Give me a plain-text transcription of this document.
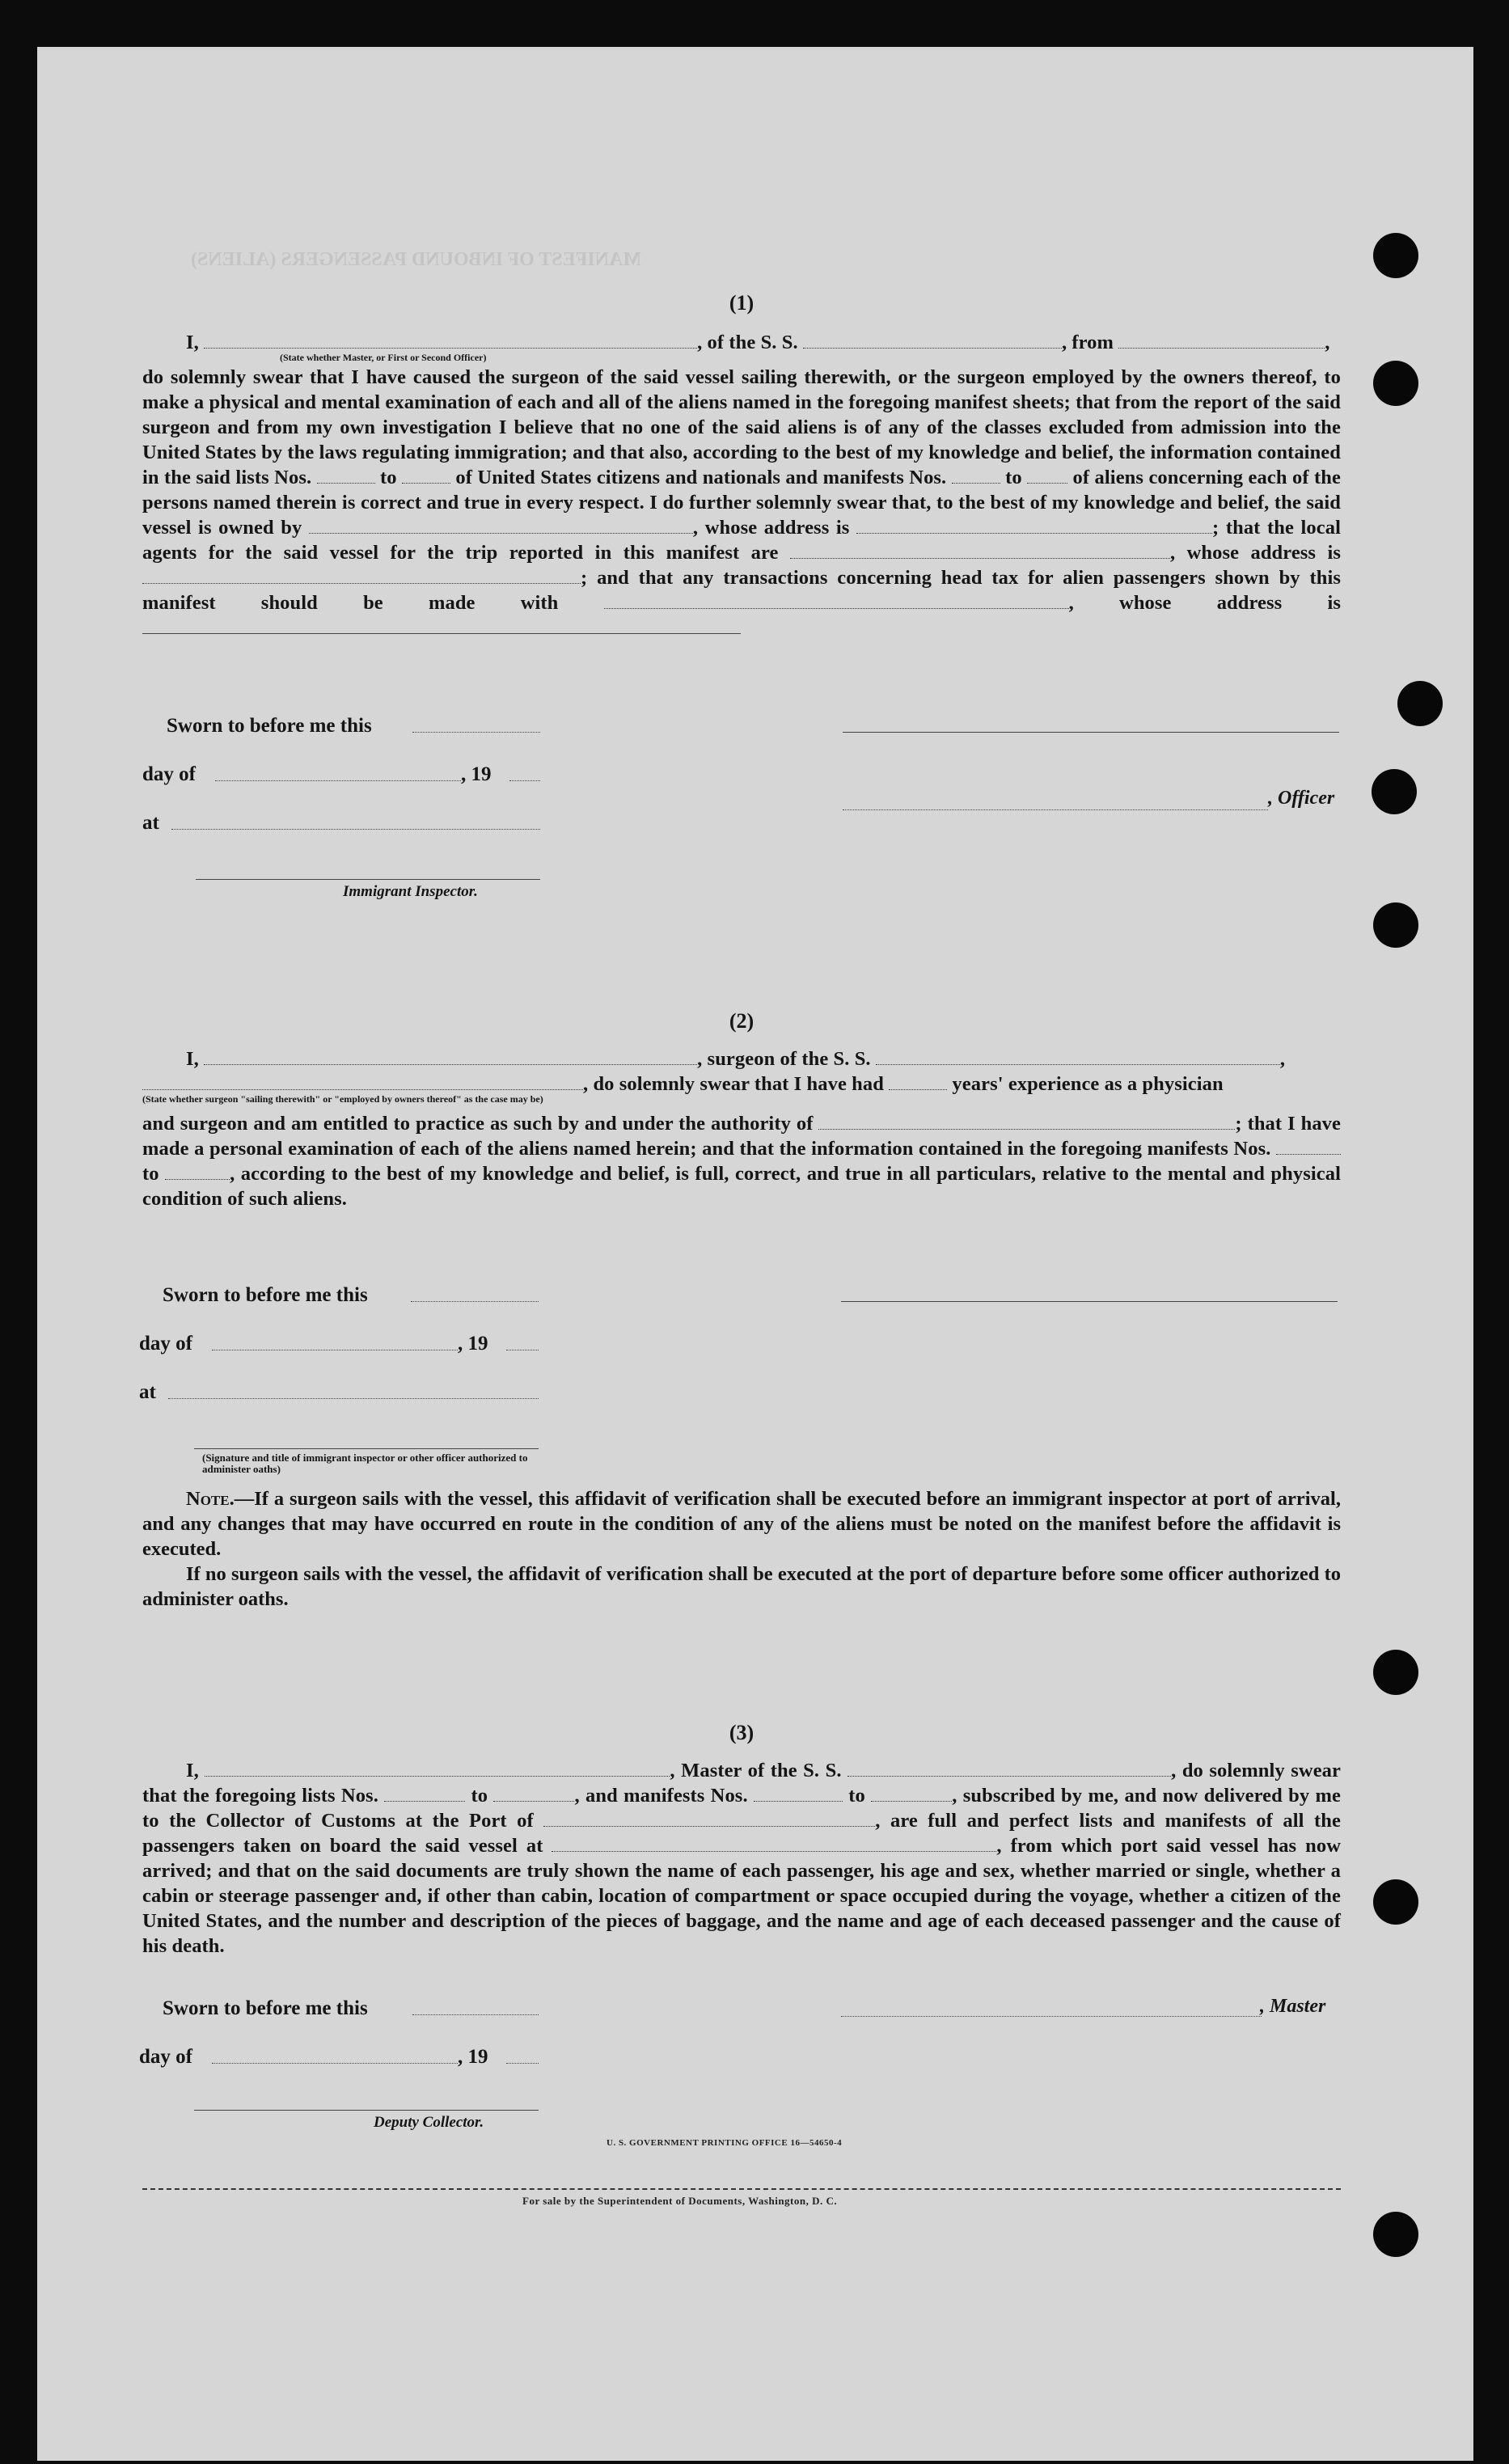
MANIFEST OF INBOUND PASSENGERS (ALIENS)
(1)
I,	, of the S. S.	, from	,
(State whether Master, or First or Second Officer)
do solemnly swear that I have caused the surgeon of the said vessel sailing therewith, or the surgeon employed by the owners thereof, to make a physical and mental examination of each and all of the aliens named in the foregoing manifest sheets; that from the report of the said surgeon and from my own investigation I believe that no one of the said aliens is of any of the classes excluded from admission into the United States by the laws regulating immigration; and that also, according to the best of my knowledge and belief, the information contained in the said lists Nos.	to	of United States citizens and nationals and manifests Nos.	to	of aliens concerning each of the persons named therein is correct and true in every respect. I do further solemnly swear that, to the best of my knowledge and belief, the said vessel is owned by	, whose address is	; that the local agents for the said vessel for the trip reported in this manifest are	, whose address is ; and that any transactions concerning head tax for alien passengers shown by this manifest should be made with	, whose address is
Sworn to before me this
day of	, 19
, Officer
at
Immigrant Inspector.
(2)
I,	, surgeon of the S. S.	,
, do solemnly swear that I have had	years' experience as a physician
(State whether surgeon "sailing therewith" or "employed by owners thereof" as the case may be)
and surgeon and am entitled to practice as such by and under the authority of	; that I have made a personal examination of each of the aliens named herein; and that the information contained in the foregoing manifests Nos.  to	, according to the best of my knowledge and belief, is full, correct, and true in all particulars, relative to the mental and physical condition of such aliens.
Sworn to before me this
day of	, 19
at
(Signature and title of immigrant inspector or other officer authorized to administer oaths)
Note.—If a surgeon sails with the vessel, this affidavit of verification shall be executed before an immigrant inspector at port of arrival, and any changes that may have occurred en route in the condition of any of the aliens must be noted on the manifest before the affidavit is executed.
If no surgeon sails with the vessel, the affidavit of verification shall be executed at the port of departure before some officer authorized to administer oaths.
(3)
I,	, Master of the S. S.	, do solemnly swear that the foregoing lists Nos.	to	, and manifests Nos.	to	, subscribed by me, and now delivered by me to the Collector of Customs at the Port of	, are full and perfect lists and manifests of all the passengers taken on board the said vessel at	, from which port said vessel has now arrived; and that on the said documents are truly shown the name of each passenger, his age and sex, whether married or single, whether a cabin or steerage passenger and, if other than cabin, location of compartment or space occupied during the voyage, whether a citizen of the United States, and the number and description of the pieces of baggage, and the name and age of each deceased passenger and the cause of his death.
Sworn to before me this	, Master
day of	, 19
Deputy Collector.
U. S. GOVERNMENT PRINTING OFFICE 16—54650-4
For sale by the Superintendent of Documents, Washington, D. C.
